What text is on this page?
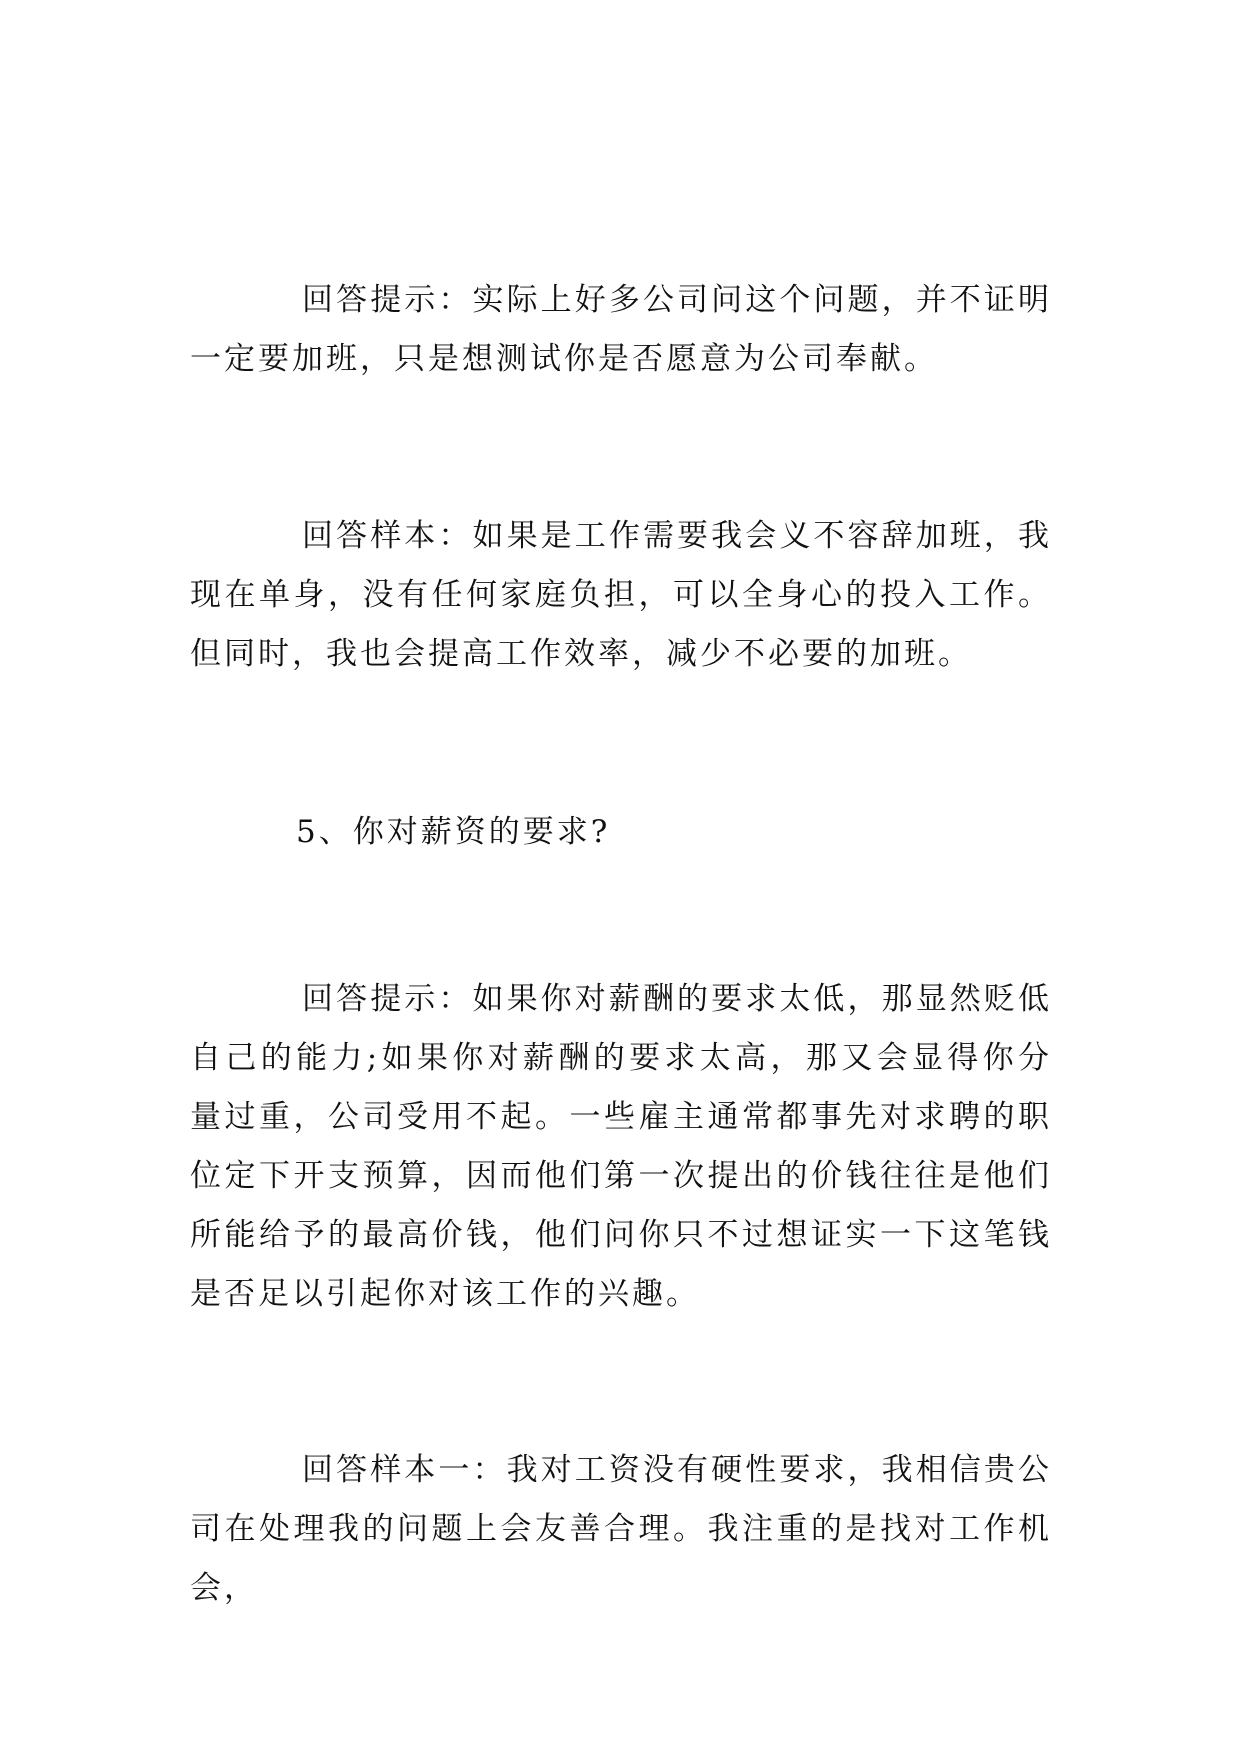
回答提示：实际上好多公司问这个问题，并不证明一定要加班，只是想测试你是否愿意为公司奉献。

回答样本：如果是工作需要我会义不容辞加班，我现在单身，没有任何家庭负担，可以全身心的投入工作。但同时，我也会提高工作效率，减少不必要的加班。

5、你对薪资的要求?

回答提示：如果你对薪酬的要求太低，那显然贬低自己的能力;如果你对薪酬的要求太高，那又会显得你分量过重，公司受用不起。一些雇主通常都事先对求聘的职位定下开支预算，因而他们第一次提出的价钱往往是他们所能给予的最高价钱，他们问你只不过想证实一下这笔钱是否足以引起你对该工作的兴趣。

回答样本一：我对工资没有硬性要求，我相信贵公司在处理我的问题上会友善合理。我注重的是找对工作机会，
